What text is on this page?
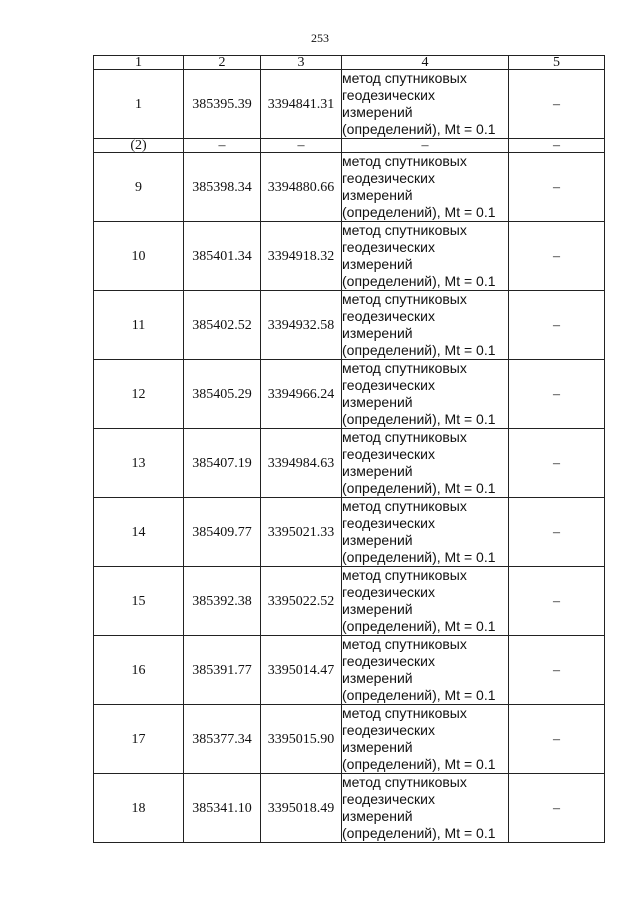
253
1	2	3	4	5
1	385395.39	3394841.31	метод спутниковых
геодезических
измерений
(определений), Mt = 0.1	–
(2)	–	–	–	–
9	385398.34	3394880.66	метод спутниковых
геодезических
измерений
(определений), Mt = 0.1	–
10	385401.34	3394918.32	метод спутниковых
геодезических
измерений
(определений), Mt = 0.1	–
11	385402.52	3394932.58	метод спутниковых
геодезических
измерений
(определений), Mt = 0.1	–
12	385405.29	3394966.24	метод спутниковых
геодезических
измерений
(определений), Mt = 0.1	–
13	385407.19	3394984.63	метод спутниковых
геодезических
измерений
(определений), Mt = 0.1	–
14	385409.77	3395021.33	метод спутниковых
геодезических
измерений
(определений), Mt = 0.1	–
15	385392.38	3395022.52	метод спутниковых
геодезических
измерений
(определений), Mt = 0.1	–
16	385391.77	3395014.47	метод спутниковых
геодезических
измерений
(определений), Mt = 0.1	–
17	385377.34	3395015.90	метод спутниковых
геодезических
измерений
(определений), Mt = 0.1	–
18	385341.10	3395018.49	метод спутниковых
геодезических
измерений
(определений), Mt = 0.1	–
